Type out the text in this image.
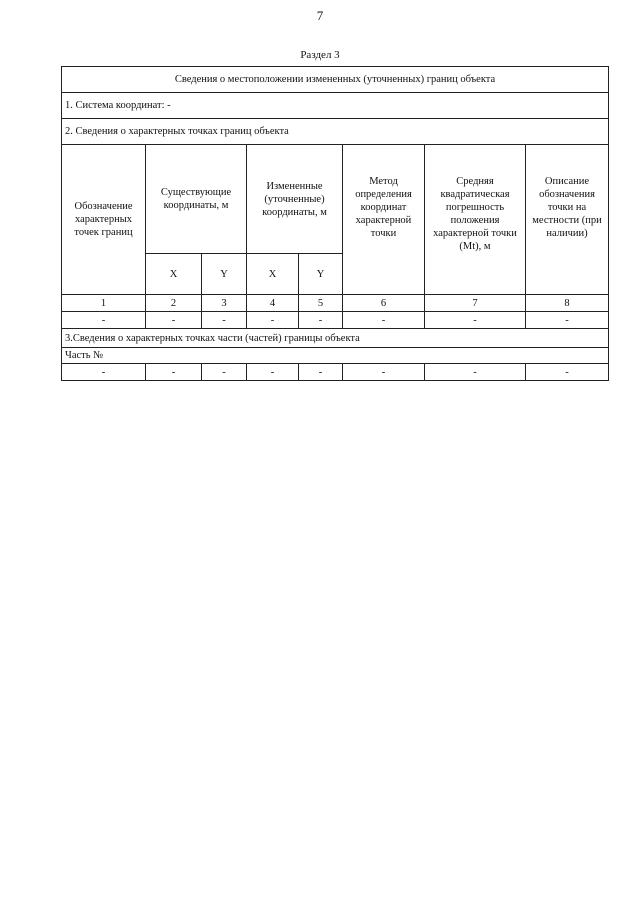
7
Раздел 3
Сведения о местоположении измененных (уточненных) границ объекта							
1. Система координат: -							
2. Сведения о характерных точках границ объекта							
Обозначение характерных точек границ	Существующие координаты, м		Измененные (уточненные) координаты, м		Метод определения координат характерной точки	Средняя квадратическая погрешность положения характерной точки (Mt), м	Описание обозначения точки на местности (при наличии)
	X	Y	X	Y			
1	2	3	4	5	6	7	8
-	-	-	-	-	-	-	-
3.Сведения о характерных точках части (частей) границы объекта							
Часть №							
-	-	-	-	-	-	-	-
